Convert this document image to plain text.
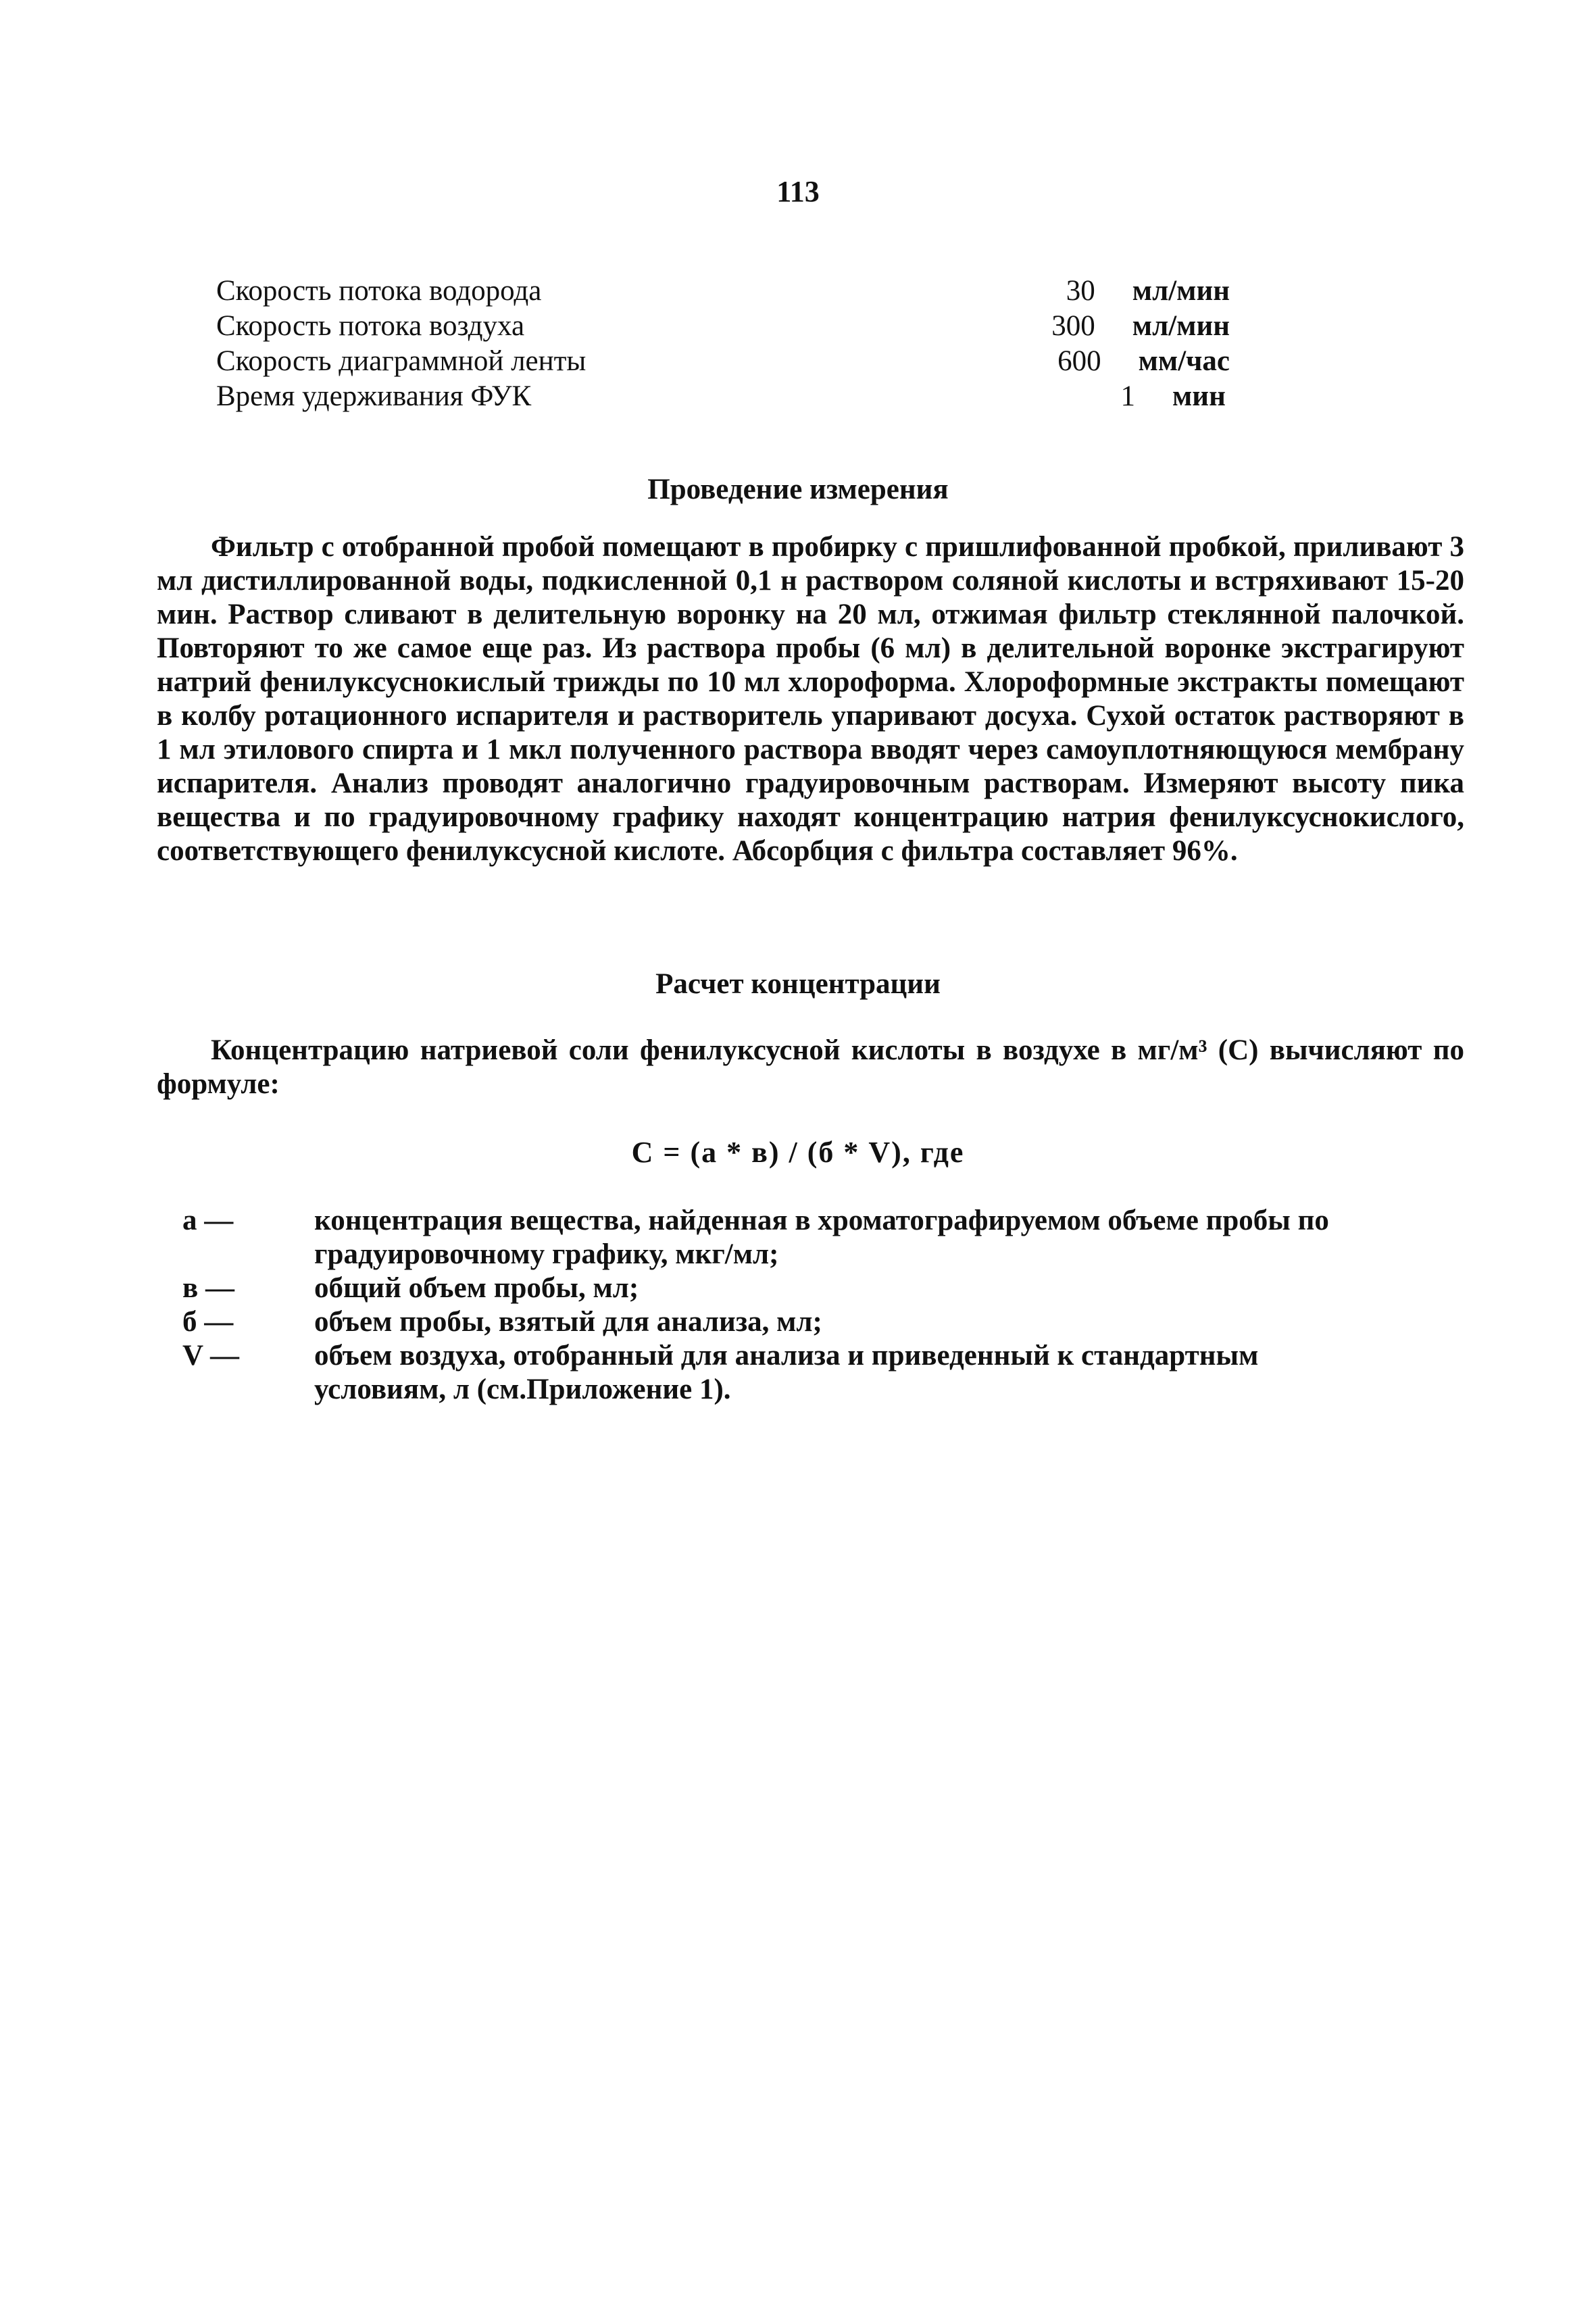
113
Скорость потока водорода	30	мл/мин
Скорость потока воздуха	300	мл/мин
Скорость диаграммной ленты	600	мм/час
Время удерживания ФУК	1	мин
Проведение измерения
Фильтр с отобранной пробой помещают в пробирку с пришлифованной пробкой, приливают 3 мл дистиллированной воды, подкисленной 0,1 н раствором соляной кислоты и встряхивают 15-20 мин. Раствор сливают в делительную воронку на 20 мл, отжимая фильтр стеклянной палочкой. Повторяют то же самое еще раз. Из раствора пробы (6 мл) в делительной воронке экстрагируют натрий фенилуксуснокислый трижды по 10 мл хлороформа. Хлороформные экстракты помещают в колбу ротационного испарителя и растворитель упаривают досуха. Сухой остаток растворяют в 1 мл этилового спирта и 1 мкл полученного раствора вводят через самоуплотняющуюся мембрану испарителя. Анализ проводят аналогично градуировочным растворам. Измеряют высоту пика вещества и по градуировочному графику находят концентрацию натрия фенилуксуснокислого, соответствующего фенилуксусной кислоте. Абсорбция с фильтра составляет 96%.
Расчет концентрации
Концентрацию натриевой соли фенилуксусной кислоты в воздухе в мг/м³ (С) вычисляют по формуле:
С = (а * в) / (б * V), где
а —	концентрация вещества, найденная в хроматографируемом объеме пробы по градуировочному графику, мкг/мл;
в —	общий объем пробы, мл;
б —	объем пробы, взятый для анализа, мл;
V —	объем воздуха, отобранный для анализа и приведенный к стандартным условиям, л (см.Приложение 1).
